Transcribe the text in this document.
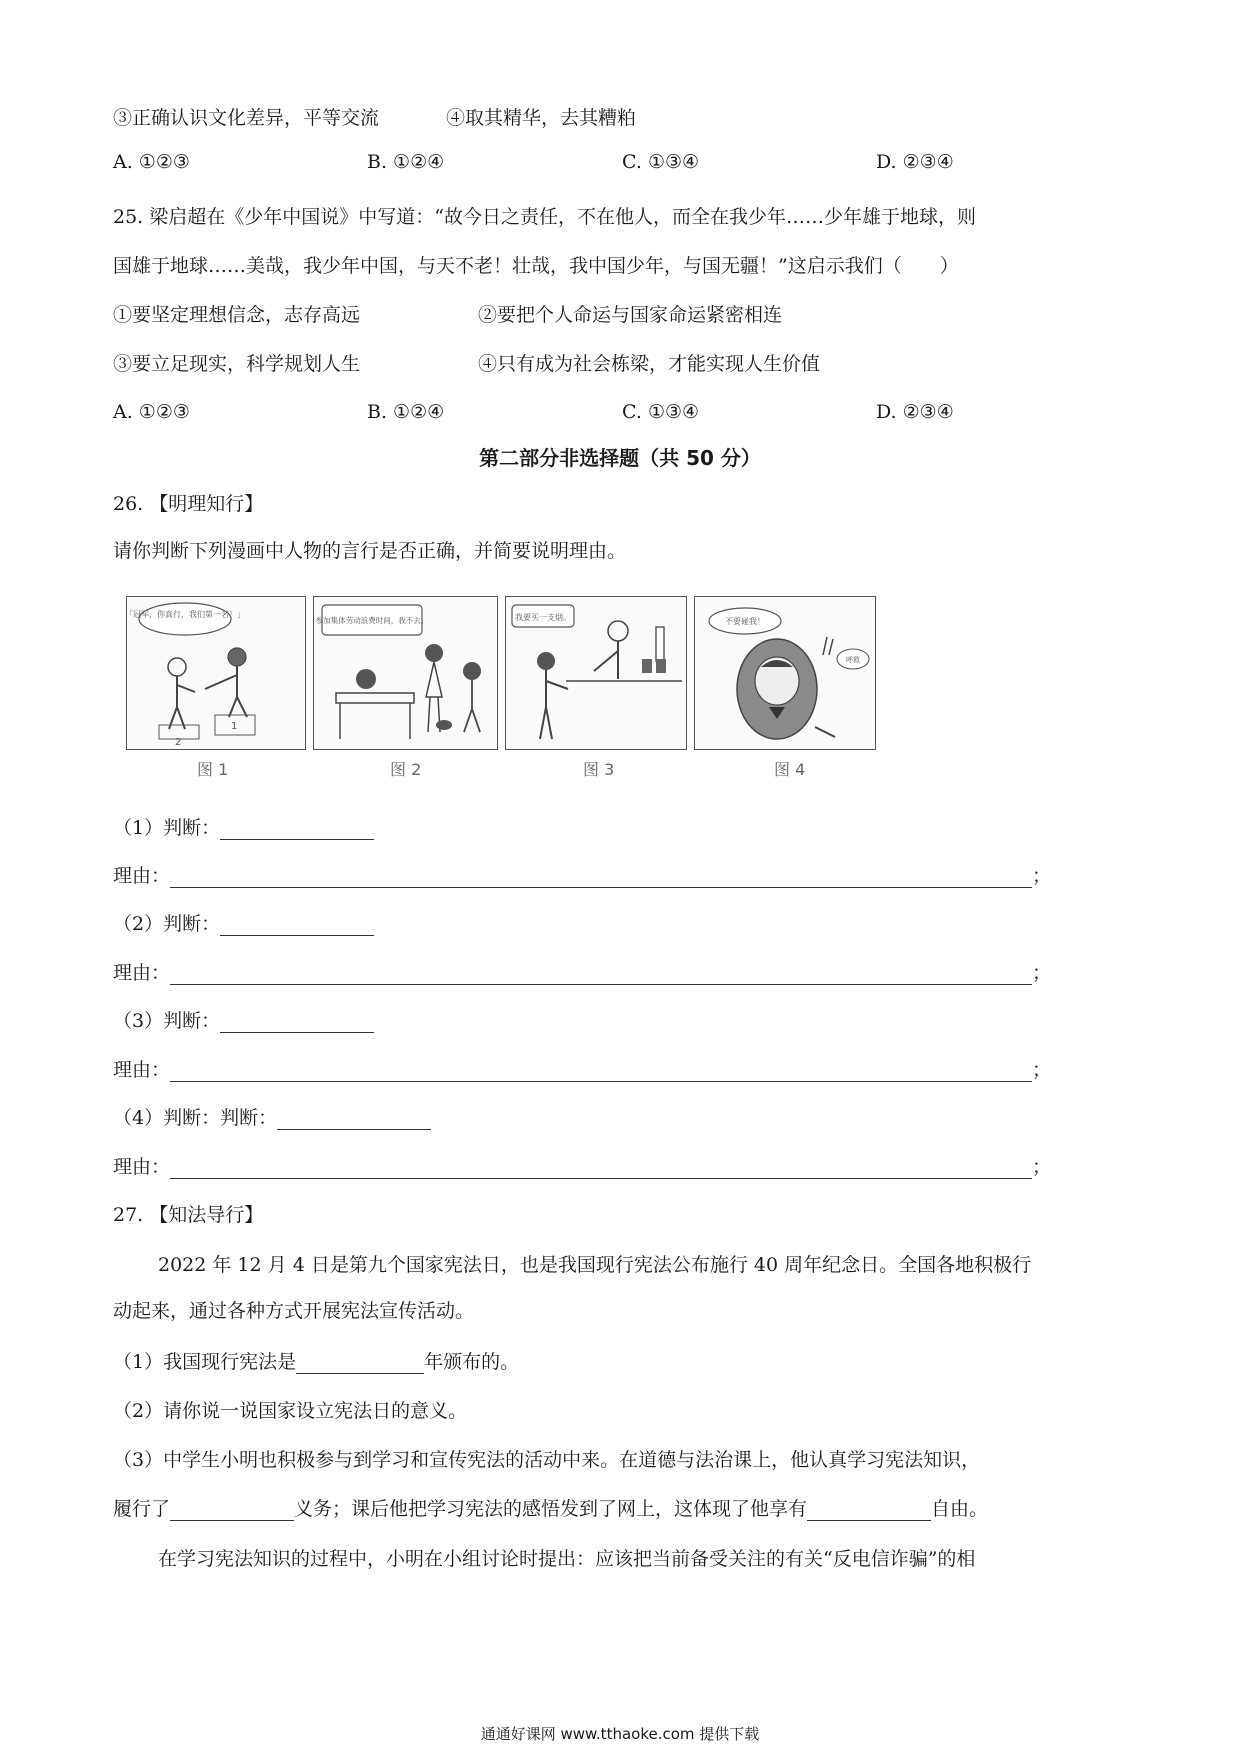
③正确认识文化差异，平等交流	④取其精华，去其糟粕
A. ①②③	B. ①②④	C. ①③④	D. ②③④
25. 梁启超在《少年中国说》中写道：“故今日之责任，不在他人，而全在我少年……少年雄于地球，则
国雄于地球……美哉，我少年中国，与天不老！壮哉，我中国少年，与国无疆！”这启示我们（　　）
①要坚定理想信念，志存高远	②要把个人命运与国家命运紧密相连
③要立足现实，科学规划人生	④只有成为社会栋梁，才能实现人生价值
A. ①②③	B. ①②④	C. ①③④	D. ②③④
第二部分非选择题（共 50 分）
26. 【明理知行】
请你判断下列漫画中人物的言行是否正确，并简要说明理由。
「冠军，你真行，我们第一名！」
2
1
参加集体劳动浪费时间，我不去。	我要买一支烟。	不要碰我！
呼救
图 1	图 2	图 3	图 4
（1）判断：
理由：	；
（2）判断：
理由：	；
（3）判断：
理由：	；
（4）判断：判断：
理由：	；
27. 【知法导行】
2022 年 12 月 4 日是第九个国家宪法日，也是我国现行宪法公布施行 40 周年纪念日。全国各地积极行
动起来，通过各种方式开展宪法宣传活动。
（1）我国现行宪法是	年颁布的。
（2）请你说一说国家设立宪法日的意义。
（3）中学生小明也积极参与到学习和宣传宪法的活动中来。在道德与法治课上，他认真学习宪法知识，
履行了	义务；课后他把学习宪法的感悟发到了网上，这体现了他享有	自由。
在学习宪法知识的过程中，小明在小组讨论时提出：应该把当前备受关注的有关“反电信诈骗”的相
通通好课网 www.tthaoke.com 提供下载
